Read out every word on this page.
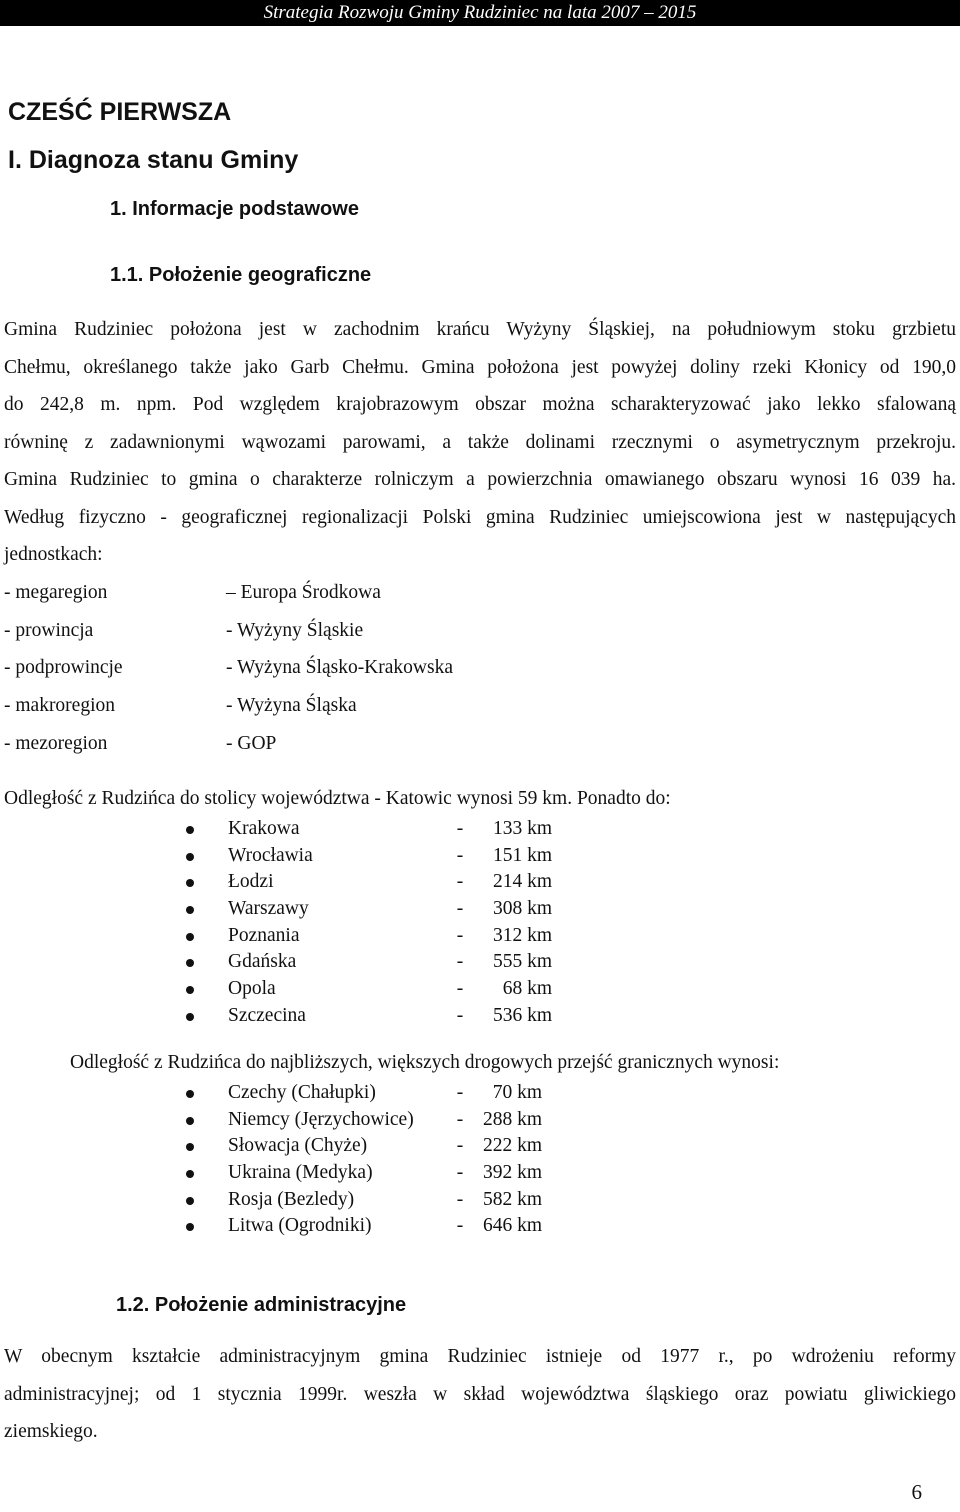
Strategia Rozwoju Gminy Rudziniec na lata 2007 – 2015
CZEŚĆ PIERWSZA
I. Diagnoza stanu Gminy
1. Informacje podstawowe
1.1. Położenie geograficzne
Gmina Rudziniec położona jest w zachodnim krańcu Wyżyny Śląskiej, na południowym stoku grzbietu
Chełmu, określanego także jako Garb Chełmu. Gmina położona jest powyżej doliny rzeki Kłonicy od 190,0
do 242,8 m. npm. Pod względem krajobrazowym obszar można scharakteryzować jako lekko sfalowaną
równinę z zadawnionymi wąwozami parowami, a także dolinami rzecznymi o asymetrycznym przekroju.
Gmina Rudziniec to gmina o charakterze rolniczym a powierzchnia omawianego obszaru wynosi 16 039 ha.
Według fizyczno - geograficznej regionalizacji Polski gmina Rudziniec umiejscowiona jest w następujących
jednostkach:
- megaregion	– Europa Środkowa
- prowincja	- Wyżyny Śląskie
- podprowincje	- Wyżyna Śląsko-Krakowska
- makroregion	- Wyżyna Śląska
- mezoregion	- GOP
Odległość z Rudzińca do stolicy województwa - Katowic wynosi 59 km. Ponadto do:
Krakowa	- 133 km
Wrocławia	- 151 km
Łodzi	- 214 km
Warszawy	- 308 km
Poznania	- 312 km
Gdańska	- 555 km
Opola	- 68 km
Szczecina	- 536 km
Odległość z Rudzińca do najbliższych, większych drogowych przejść granicznych wynosi:
Czechy (Chałupki)	- 70 km
Niemcy (Jęrzychowice) - 288 km
Słowacja (Chyże)	- 222 km
Ukraina (Medyka)	- 392 km
Rosja (Bezledy)	- 582 km
Litwa (Ogrodniki)	- 646 km
1.2. Położenie administracyjne
W obecnym kształcie administracyjnym gmina Rudziniec istnieje od 1977 r., po wdrożeniu reformy
administracyjnej; od 1 stycznia 1999r. weszła w skład województwa śląskiego oraz powiatu gliwickiego
ziemskiego.
6
